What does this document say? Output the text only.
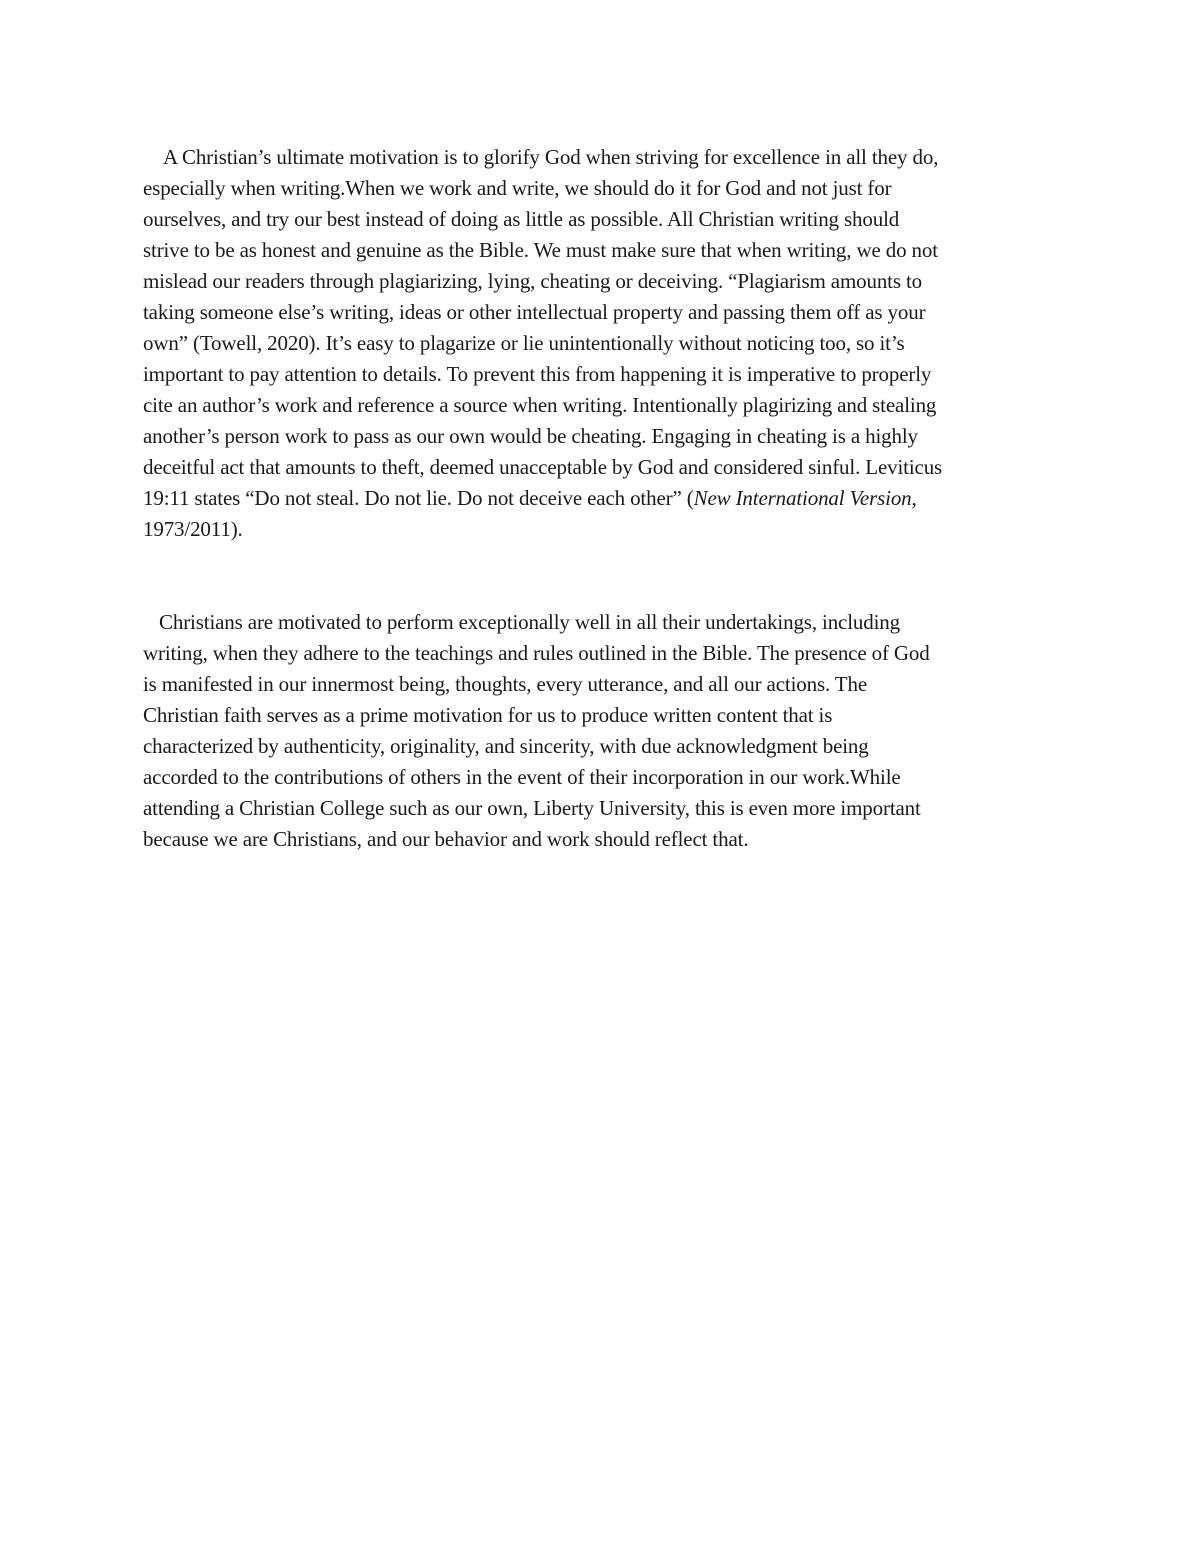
A Christian’s ultimate motivation is to glorify God when striving for excellence in all they do,
especially when writing.When we work and write, we should do it for God and not just for
ourselves, and try our best instead of doing as little as possible. All Christian writing should
strive to be as honest and genuine as the Bible. We must make sure that when writing, we do not
mislead our readers through plagiarizing, lying, cheating or deceiving. “Plagiarism amounts to
taking someone else’s writing, ideas or other intellectual property and passing them off as your
own” (Towell, 2020). It’s easy to plagarize or lie unintentionally without noticing too, so it’s
important to pay attention to details. To prevent this from happening it is imperative to properly
cite an author’s work and reference a source when writing. Intentionally plagirizing and stealing
another’s person work to pass as our own would be cheating. Engaging in cheating is a highly
deceitful act that amounts to theft, deemed unacceptable by God and considered sinful. Leviticus
19:11 states “Do not steal. Do not lie. Do not deceive each other” (New International Version,
1973/2011).

Christians are motivated to perform exceptionally well in all their undertakings, including
writing, when they adhere to the teachings and rules outlined in the Bible. The presence of God
is manifested in our innermost being, thoughts, every utterance, and all our actions. The
Christian faith serves as a prime motivation for us to produce written content that is
characterized by authenticity, originality, and sincerity, with due acknowledgment being
accorded to the contributions of others in the event of their incorporation in our work.While
attending a Christian College such as our own, Liberty University, this is even more important
because we are Christians, and our behavior and work should reflect that.
